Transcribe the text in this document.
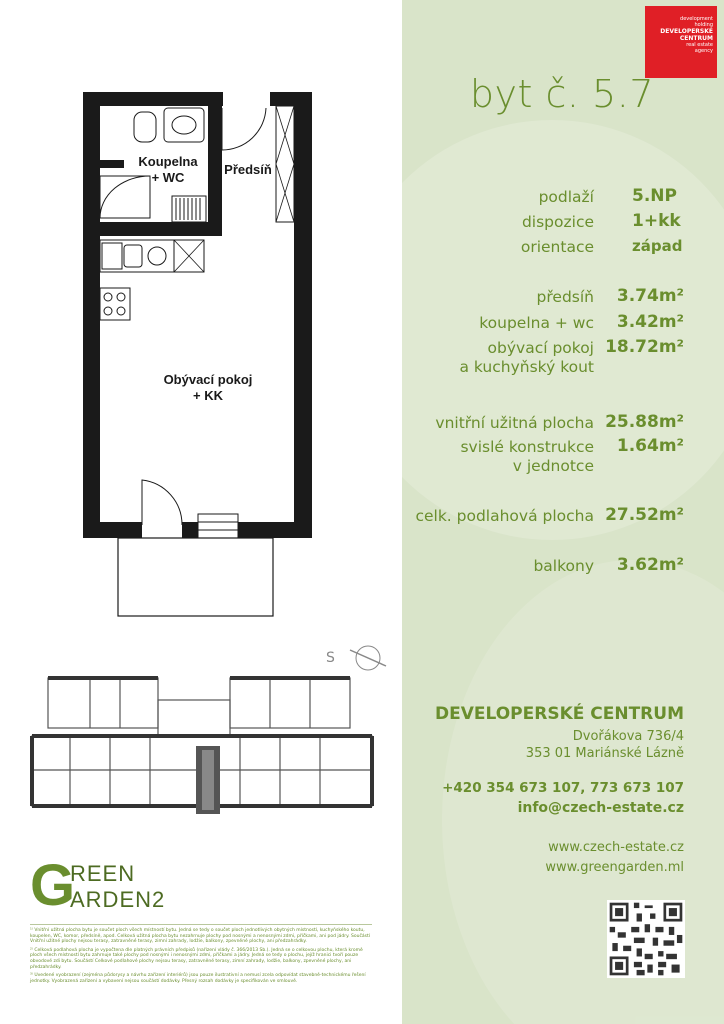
development
holding
DEVELOPERSKÉ
CENTRUM
real estate
agency
byt č. 5.7
podlaží 5.NP
dispozice 1+kk
orientace	západ
předsíň 3.74m²
koupelna + wc 3.42m²
obývací pokoj
a kuchyňský kout
18.72m²
vnitřní užitná plocha 25.88m²
svislé konstrukce
v jednotce
1.64m²
celk. podlahová plocha 27.52m²
balkony 3.62m²
DEVELOPERSKÉ CENTRUM
Dvořákova 736/4
353 01 Mariánské Lázně
+420 354 673 107, 773 673 107
info@czech-estate.cz
www.czech-estate.cz
www.greengarden.ml
Koupelna
+ WC
Předsíň
Obývací pokoj
+ KK
S
G
REEN
ARDEN2

¹⁾ Vnitřní užitná plocha bytu je součet ploch všech místností bytu. Jedná se tedy o součet ploch jednotlivých obytných místností, kuchyňského koutu, koupelen, WC, komor, předsíně, apod. Celková užitná plocha bytu nezahrnuje plochy pod nosnými a nenosnými zdmi, příčkami, ani pod jádry. Součástí Vnitřní užitné plochy nejsou terasy, zatravněné terasy, zimní zahrady, lodžie, balkony, zpevněné plochy, ani předzahrádky.

²⁾ Celková podlahová plocha je vypočtena dle platných právních předpisů (nařízení vlády č. 366/2013 Sb.). Jedná se o celkovou plochu, která kromě ploch všech místností bytu zahrnuje také plochy pod nosnými i nenosnými zdmi, příčkami a jádry. Jedná se tedy o plochu, jejíž hranici tvoří pouze obvodové zdi bytu. Součástí Celkové podlahové plochy nejsou terasy, zatravněné terasy, zimní zahrady, lodžie, balkony, zpevněné plochy, ani předzahrádky.

³⁾ Uvedené vyobrazení (zejména půdorysy a návrhu zařízení interiérů) jsou pouze ilustrativní a nemusí zcela odpovídat stavebně-technickému řešení jednotky. Vyobrazená zařízení a vybavení nejsou součástí dodávky. Přesný rozsah dodávky je specifikován ve smlouvě.
